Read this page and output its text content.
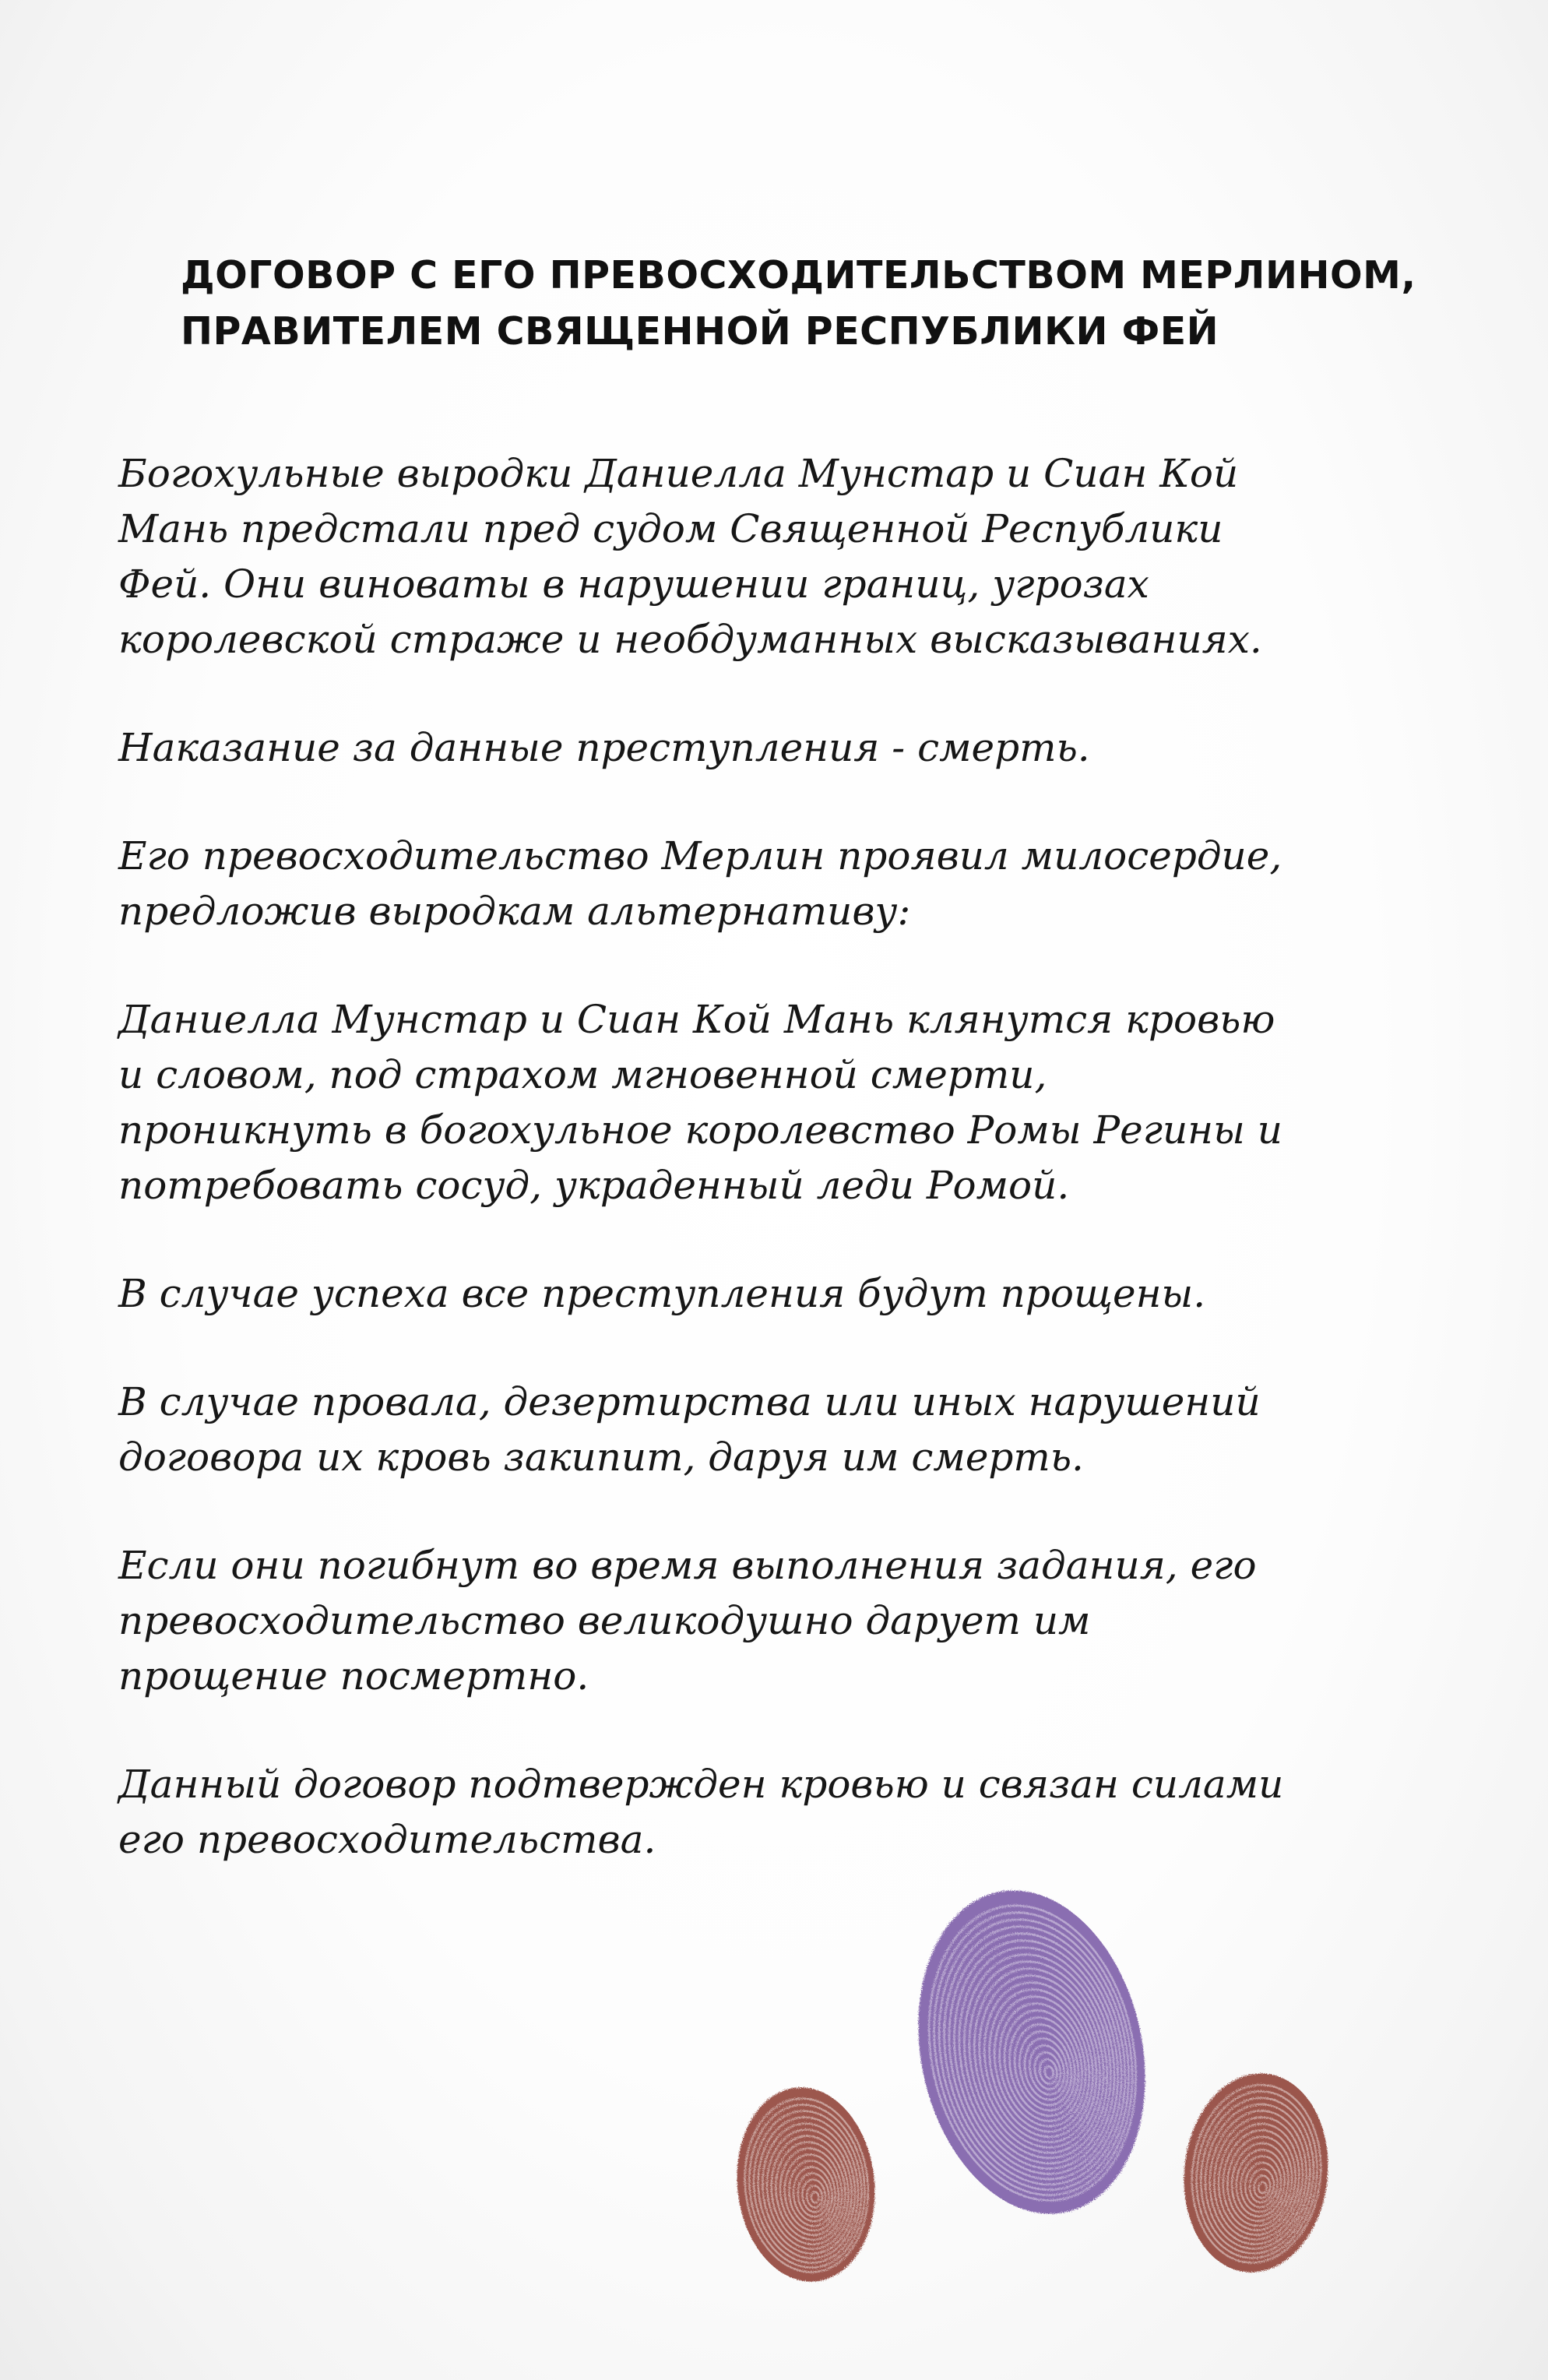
ДОГОВОР С ЕГО ПРЕВОСХОДИТЕЛЬСТВОМ МЕРЛИНОМ,
ПРАВИТЕЛЕМ СВЯЩЕННОЙ РЕСПУБЛИКИ ФЕЙ
Богохульные выродки Даниелла Мунстар и Сиан Кой
Мань предстали пред судом Священной Республики
Фей. Они виноваты в нарушении границ, угрозах
королевской страже и необдуманных высказываниях.
Наказание за данные преступления - смерть.
Его превосходительство Мерлин проявил милосердие,
предложив выродкам альтернативу:
Даниелла Мунстар и Сиан Кой Мань клянутся кровью
и словом, под страхом мгновенной смерти,
проникнуть в богохульное королевство Ромы Регины и
потребовать сосуд, украденный леди Ромой.
В случае успеха все преступления будут прощены.
В случае провала, дезертирства или иных нарушений
договора их кровь закипит, даруя им смерть.
Если они погибнут во время выполнения задания, его
превосходительство великодушно дарует им
прощение посмертно.
Данный договор подтвержден кровью и связан силами
его превосходительства.
